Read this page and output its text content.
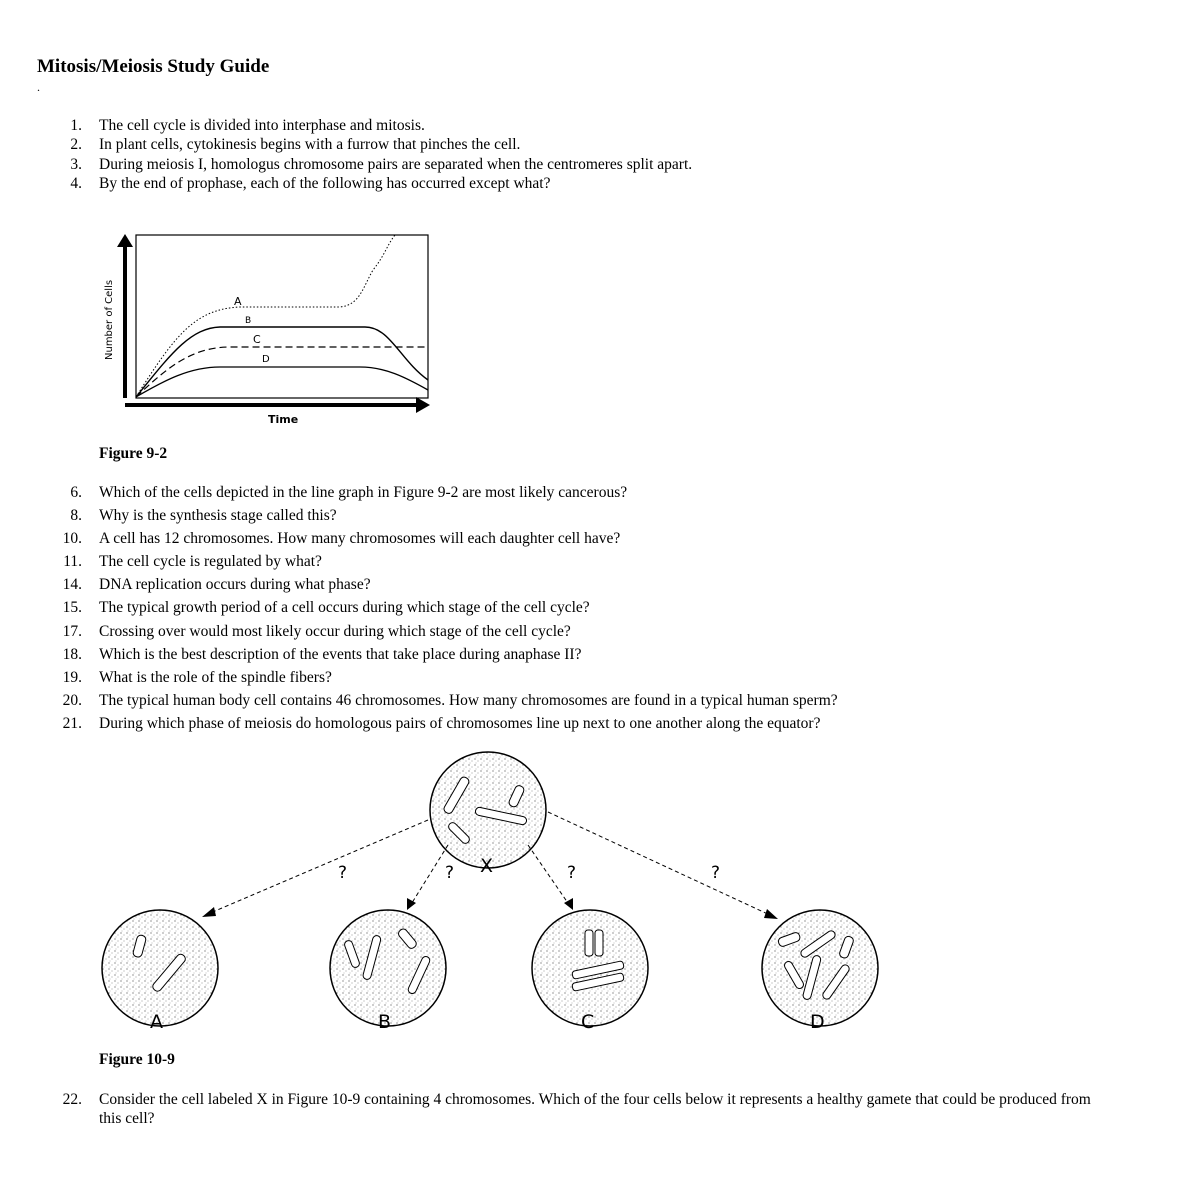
Mitosis/Meiosis Study Guide
.
1. The cell cycle is divided into interphase and mitosis.
2. In plant cells, cytokinesis begins with a furrow that pinches the cell.
3. During meiosis I, homologus chromosome pairs are separated when the centromeres split apart.
4. By the end of prophase, each of the following has occurred except what?
A
B
C
D
Number of Cells
Time
Figure 9-2
6. Which of the cells depicted in the line graph in Figure 9-2 are most likely cancerous?
8. Why is the synthesis stage called this?
10. A cell has 12 chromosomes. How many chromosomes will each daughter cell have?
11. The cell cycle is regulated by what?
14. DNA replication occurs during what phase?
15. The typical growth period of a cell occurs during which stage of the cell cycle?
17. Crossing over would most likely occur during which stage of the cell cycle?
18. Which is the best description of the events that take place during anaphase II?
19. What is the role of the spindle fibers?
20. The typical human body cell contains 46 chromosomes. How many chromosomes are found in a typical human sperm?
21. During which phase of meiosis do homologous pairs of chromosomes line up next to one another along the equator?
X
?	?	?	?
A	B	C	D
Figure 10-9
22. Consider the cell labeled X in Figure 10-9 containing 4 chromosomes. Which of the four cells below it represents a healthy gamete that could be produced from this cell?
